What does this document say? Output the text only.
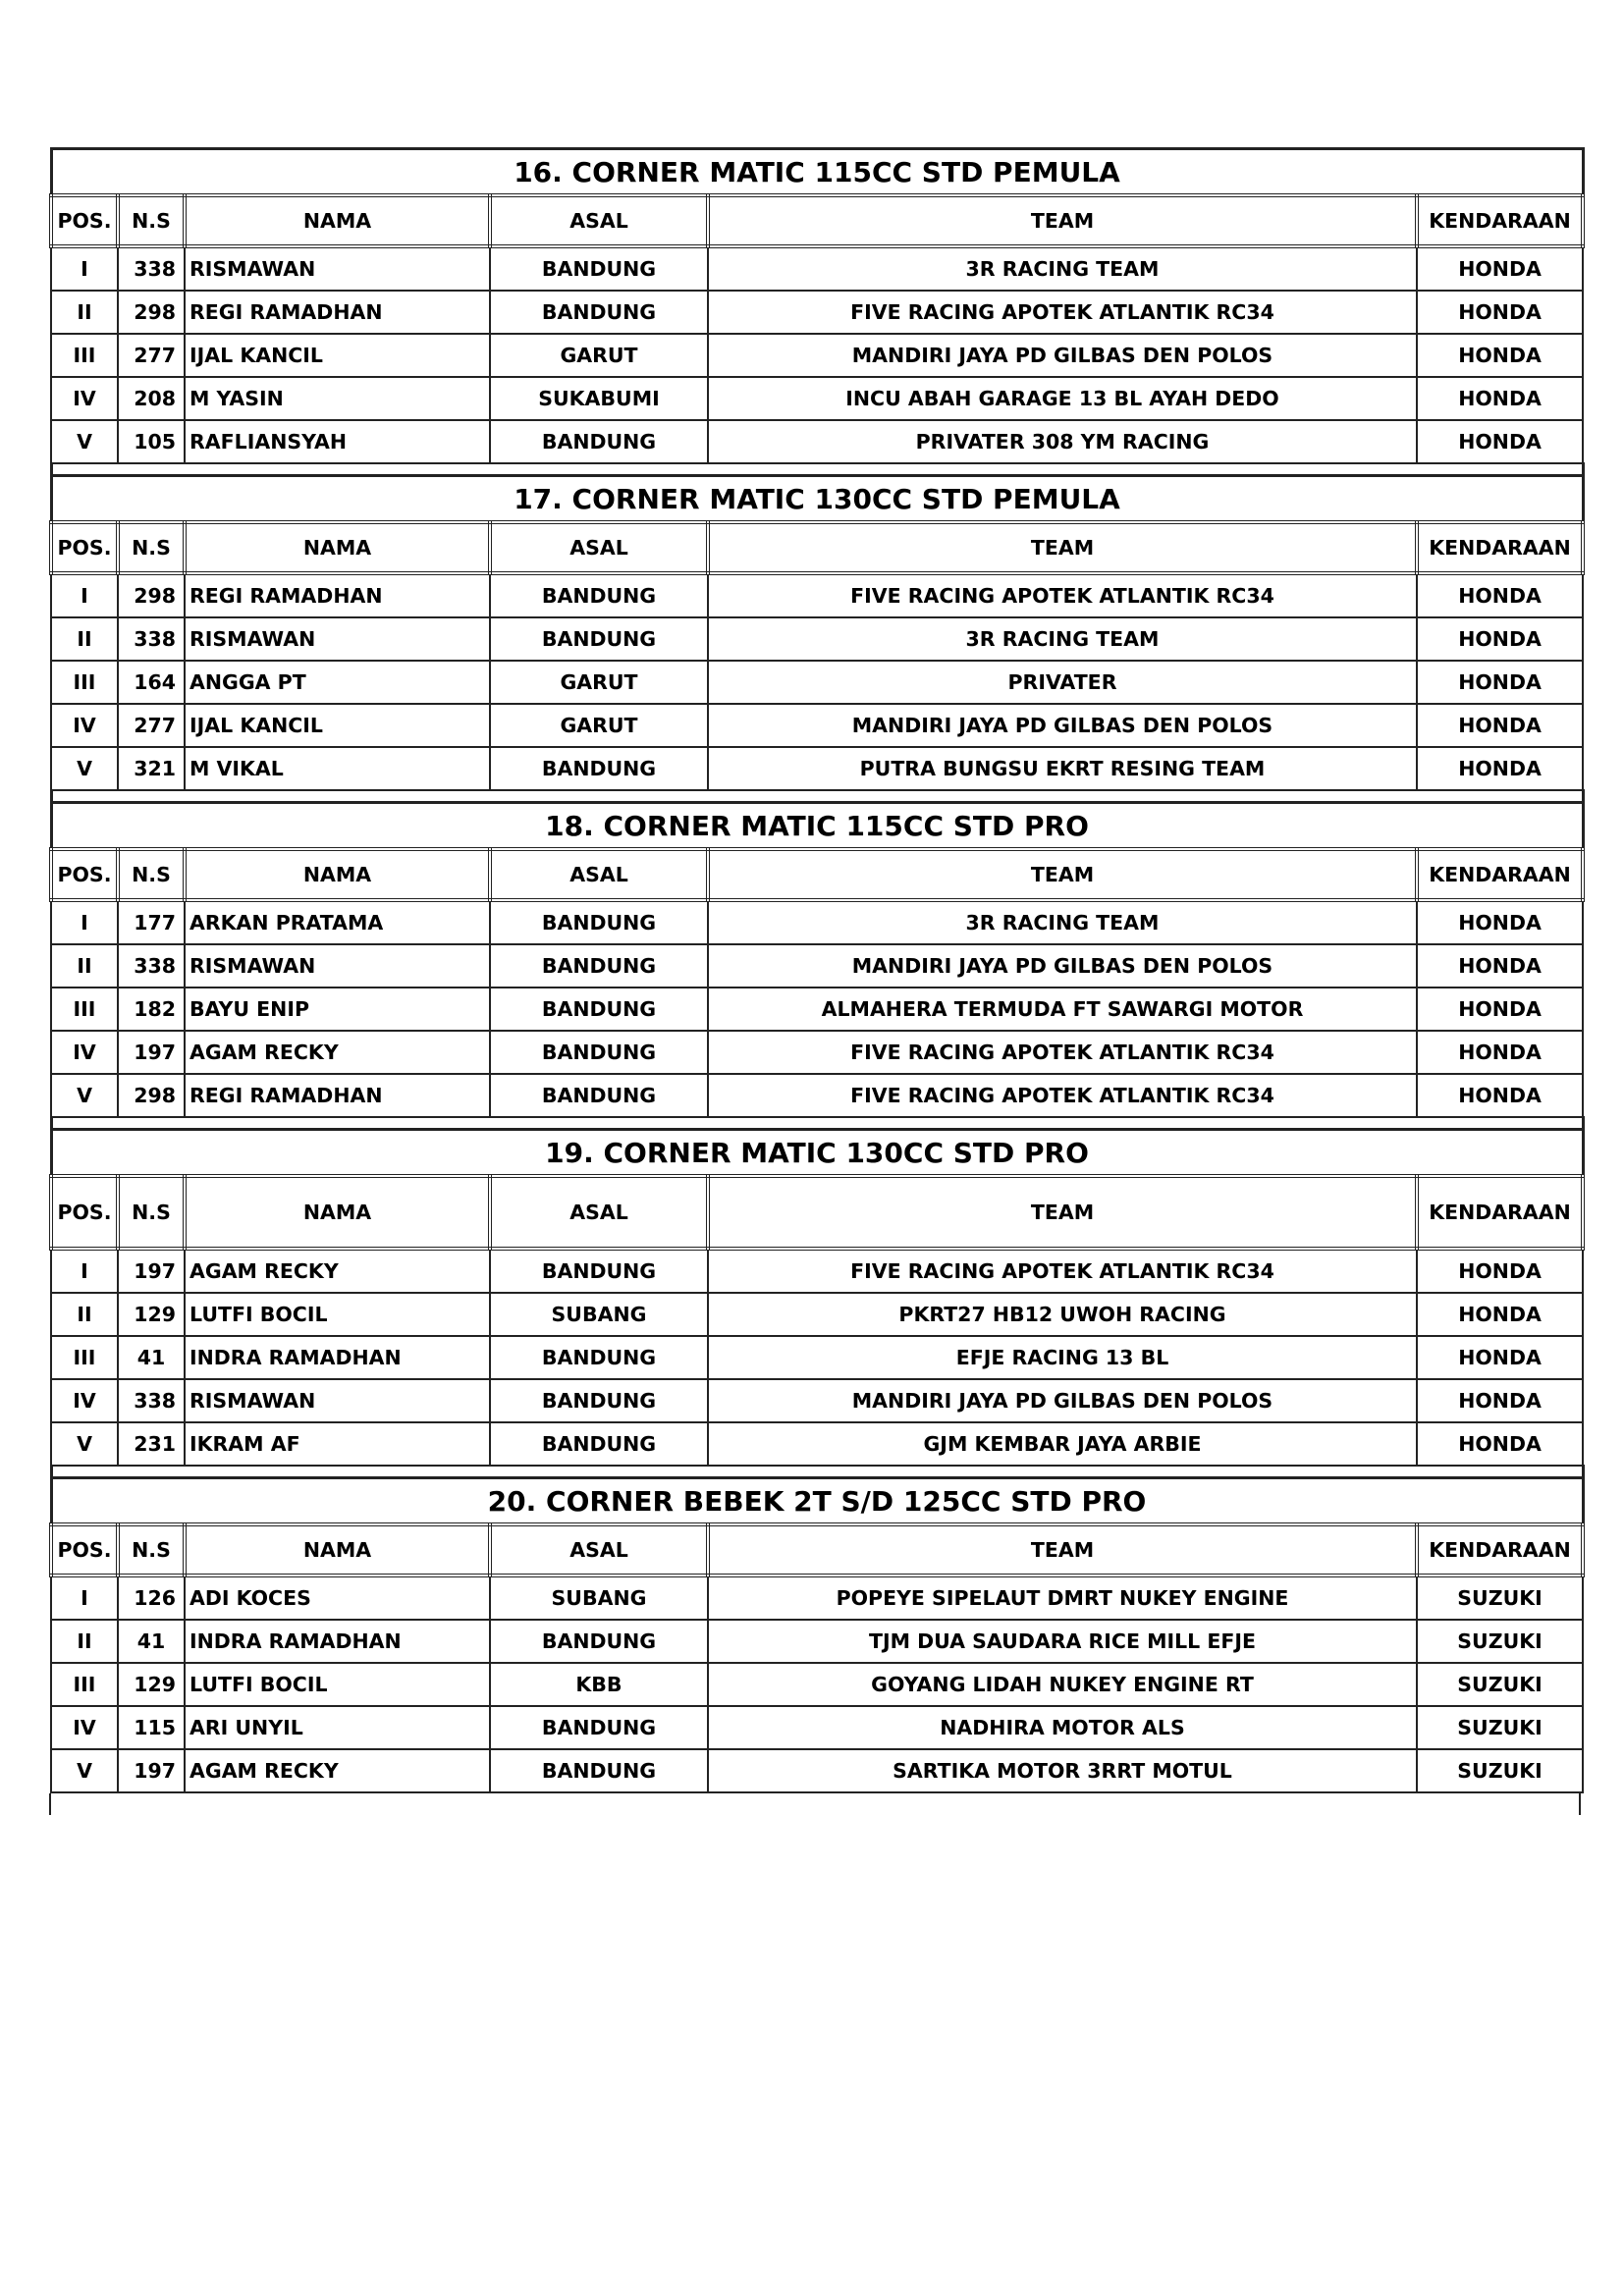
16. CORNER MATIC 115CC STD PEMULA					
POS.	N.S	NAMA	ASAL	TEAM	KENDARAAN
I	338	RISMAWAN	BANDUNG	3R RACING TEAM	HONDA
II	298	REGI RAMADHAN	BANDUNG	FIVE RACING APOTEK ATLANTIK RC34	HONDA
III	277	IJAL KANCIL	GARUT	MANDIRI JAYA PD GILBAS DEN POLOS	HONDA
IV	208	M YASIN	SUKABUMI	INCU ABAH GARAGE 13 BL AYAH DEDO	HONDA
V	105	RAFLIANSYAH	BANDUNG	PRIVATER 308 YM RACING	HONDA

17. CORNER MATIC 130CC STD PEMULA					
POS.	N.S	NAMA	ASAL	TEAM	KENDARAAN
I	298	REGI RAMADHAN	BANDUNG	FIVE RACING APOTEK ATLANTIK RC34	HONDA
II	338	RISMAWAN	BANDUNG	3R RACING TEAM	HONDA
III	164	ANGGA PT	GARUT	PRIVATER	HONDA
IV	277	IJAL KANCIL	GARUT	MANDIRI JAYA PD GILBAS DEN POLOS	HONDA
V	321	M VIKAL	BANDUNG	PUTRA BUNGSU EKRT RESING TEAM	HONDA

18. CORNER MATIC 115CC STD PRO					
POS.	N.S	NAMA	ASAL	TEAM	KENDARAAN
I	177	ARKAN PRATAMA	BANDUNG	3R RACING TEAM	HONDA
II	338	RISMAWAN	BANDUNG	MANDIRI JAYA PD GILBAS DEN POLOS	HONDA
III	182	BAYU ENIP	BANDUNG	ALMAHERA TERMUDA FT SAWARGI MOTOR	HONDA
IV	197	AGAM RECKY	BANDUNG	FIVE RACING APOTEK ATLANTIK RC34	HONDA
V	298	REGI RAMADHAN	BANDUNG	FIVE RACING APOTEK ATLANTIK RC34	HONDA

19. CORNER MATIC 130CC STD PRO					
POS.	N.S	NAMA	ASAL	TEAM	KENDARAAN
I	197	AGAM RECKY	BANDUNG	FIVE RACING APOTEK ATLANTIK RC34	HONDA
II	129	LUTFI BOCIL	SUBANG	PKRT27 HB12 UWOH RACING	HONDA
III	41	INDRA RAMADHAN	BANDUNG	EFJE RACING 13 BL	HONDA
IV	338	RISMAWAN	BANDUNG	MANDIRI JAYA PD GILBAS DEN POLOS	HONDA
V	231	IKRAM AF	BANDUNG	GJM KEMBAR JAYA ARBIE	HONDA

20. CORNER BEBEK 2T S/D 125CC STD PRO					
POS.	N.S	NAMA	ASAL	TEAM	KENDARAAN
I	126	ADI KOCES	SUBANG	POPEYE SIPELAUT DMRT NUKEY ENGINE	SUZUKI
II	41	INDRA RAMADHAN	BANDUNG	TJM DUA SAUDARA RICE MILL EFJE	SUZUKI
III	129	LUTFI BOCIL	KBB	GOYANG LIDAH NUKEY ENGINE RT	SUZUKI
IV	115	ARI UNYIL	BANDUNG	NADHIRA MOTOR ALS	SUZUKI
V	197	AGAM RECKY	BANDUNG	SARTIKA MOTOR 3RRT MOTUL	SUZUKI
